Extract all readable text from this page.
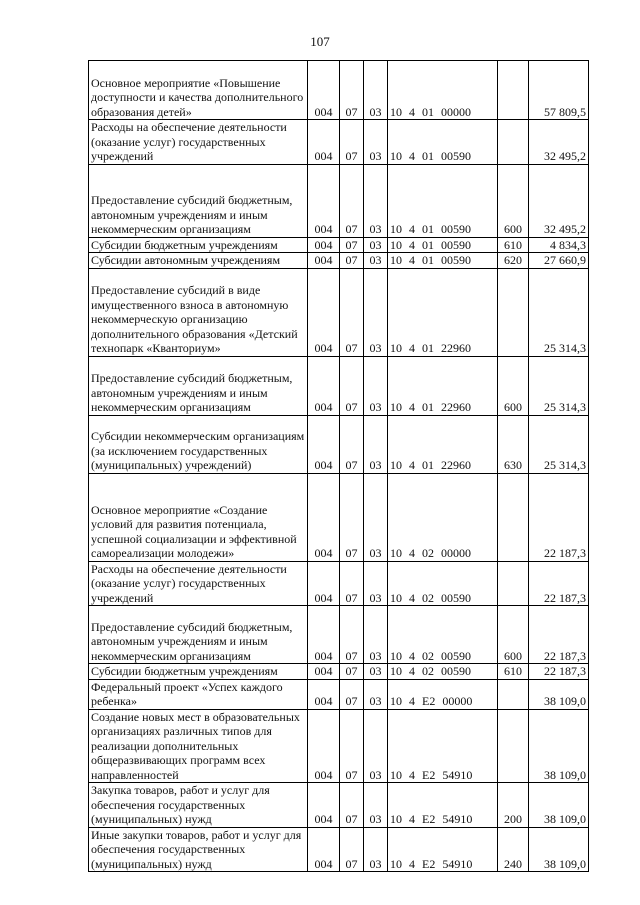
107
Основное мероприятие «Повышение доступности и качества дополнительного образования детей»	004	07	03	10 4 01 00000		57 809,5
Расходы на обеспечение деятельности (оказание услуг) государственных учреждений	004	07	03	10 4 01 00590		32 495,2
Предоставление субсидий бюджетным, автономным учреждениям и иным некоммерческим организациям	004	07	03	10 4 01 00590	600	32 495,2
Субсидии бюджетным учреждениям	004	07	03	10 4 01 00590	610	4 834,3
Субсидии автономным учреждениям	004	07	03	10 4 01 00590	620	27 660,9
Предоставление субсидий в виде имущественного взноса в автономную некоммерческую организацию дополнительного образования «Детский технопарк «Кванториум»	004	07	03	10 4 01 22960		25 314,3
Предоставление субсидий бюджетным, автономным учреждениям и иным некоммерческим организациям	004	07	03	10 4 01 22960	600	25 314,3
Субсидии некоммерческим организациям (за исключением государственных (муниципальных) учреждений)	004	07	03	10 4 01 22960	630	25 314,3
Основное мероприятие «Создание условий для развития потенциала, успешной социализации и эффективной самореализации молодежи»	004	07	03	10 4 02 00000		22 187,3
Расходы на обеспечение деятельности (оказание услуг) государственных учреждений	004	07	03	10 4 02 00590		22 187,3
Предоставление субсидий бюджетным, автономным учреждениям и иным некоммерческим организациям	004	07	03	10 4 02 00590	600	22 187,3
Субсидии бюджетным учреждениям	004	07	03	10 4 02 00590	610	22 187,3
Федеральный проект «Успех каждого ребенка»	004	07	03	10 4 E2 00000		38 109,0
Создание новых мест в образовательных организациях различных типов для реализации дополнительных общеразвивающих программ всех направленностей	004	07	03	10 4 E2 54910		38 109,0
Закупка товаров, работ и услуг для обеспечения государственных (муниципальных) нужд	004	07	03	10 4 E2 54910	200	38 109,0
Иные закупки товаров, работ и услуг для обеспечения государственных (муниципальных) нужд	004	07	03	10 4 E2 54910	240	38 109,0
